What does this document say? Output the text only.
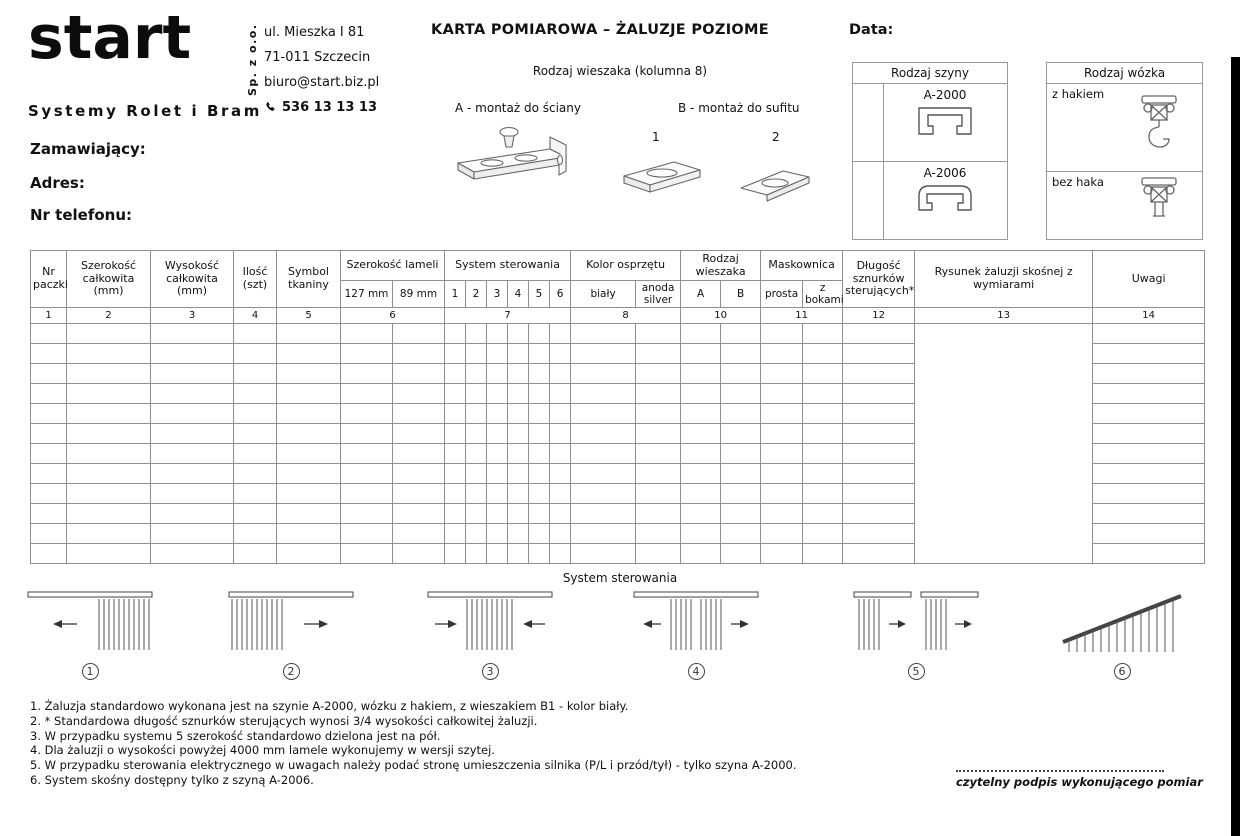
start	Sp. z o.o.
Systemy Rolet i Bram
ul. Mieszka I 81
71-011 Szczecin
biuro@start.biz.pl
536 13 13 13
KARTA POMIAROWA – ŻALUZJE POZIOME	Data:
Rodzaj wieszaka (kolumna 8)
A - montaż do ściany	B - montaż do sufitu
1	2
Rodzaj szyny
A-2000
A-2006
Rodzaj wózka
z hakiem
bez haka
Zamawiający:
Adres:
Nr telefonu:
Nr paczki	Szerokość całkowita (mm)	Wysokość całkowita (mm)	Ilość (szt)	Symbol tkaniny	Szerokość lameli		System sterowania						Kolor osprzętu		Rodzaj wieszaka		Maskownica		Długość sznurków sterujących*	Rysunek żaluzji skośnej z wymiarami	Uwagi
					127 mm	89 mm	1	2	3	4	5	6	biały	anoda silver	A	B	prosta	z bokami			
1	2	3	4	5	6		7						8		10		11		12	13	14

System sterowania
1	2	3	4	5	6
1. Żaluzja standardowo wykonana jest na szynie A-2000, wózku z hakiem, z wieszakiem B1 - kolor biały.
2. * Standardowa długość sznurków sterujących wynosi 3/4 wysokości całkowitej żaluzji.
3. W przypadku systemu 5 szerokość standardowo dzielona jest na pół.
4. Dla żaluzji o wysokości powyżej 4000 mm lamele wykonujemy w wersji szytej.
5. W przypadku sterowania elektrycznego w uwagach należy podać stronę umieszczenia silnika (P/L i przód/tył) - tylko szyna A-2000.
6. System skośny dostępny tylko z szyną A-2006.	czytelny podpis wykonującego pomiar
